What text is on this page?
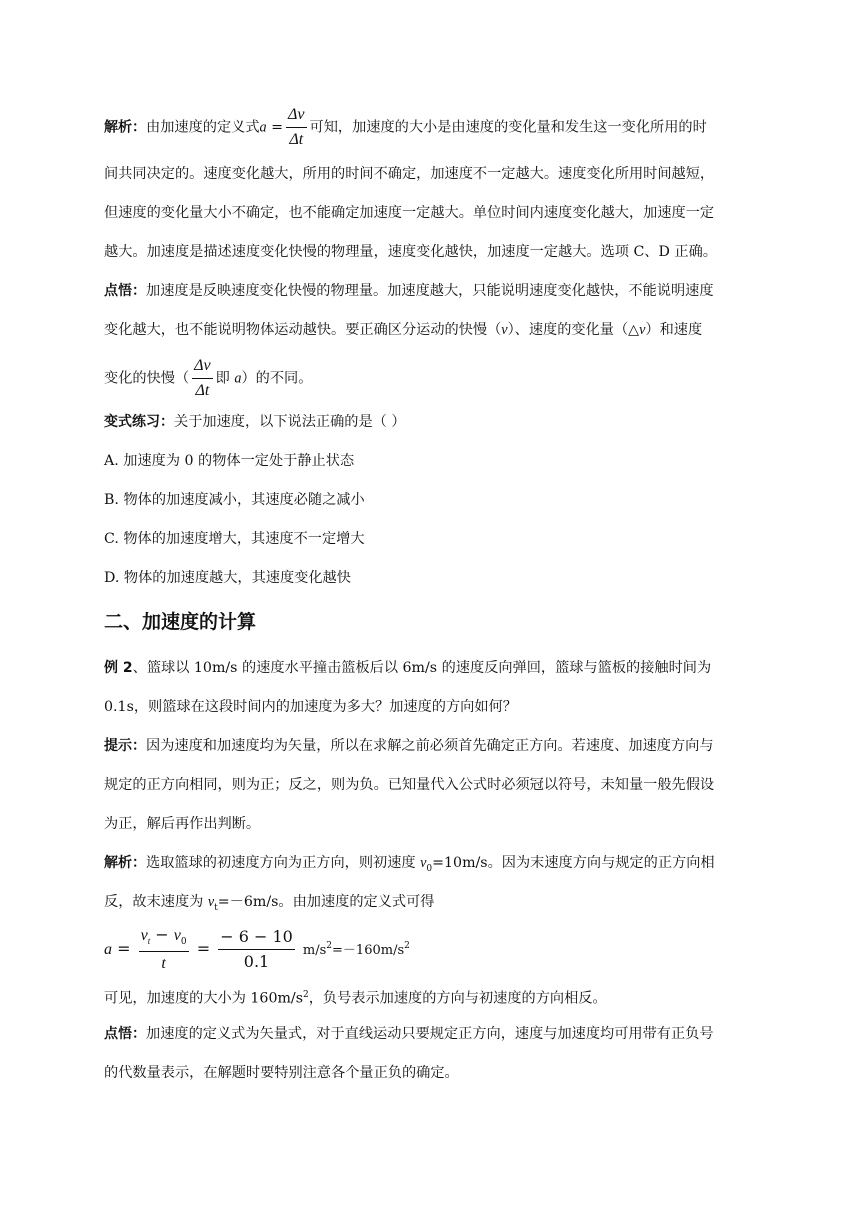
解析：由加速度的定义式$a = \frac{\Delta v}{\Delta t}$ 可知，加速度的大小是由速度的变化量和发生这一变化所用的时

间共同决定的。速度变化越大，所用的时间不确定，加速度不一定越大。速度变化所用时间越短，

但速度的变化量大小不确定，也不能确定加速度一定越大。单位时间内速度变化越大，加速度一定

越大。加速度是描述速度变化快慢的物理量，速度变化越快，加速度一定越大。选项 C、D 正确。

点悟：加速度是反映速度变化快慢的物理量。加速度越大，只能说明速度变化越快，不能说明速度

变化越大，也不能说明物体运动越快。要正确区分运动的快慢（v）、速度的变化量（△v）和速度

变化的快慢（ $\frac{\Delta v}{\Delta t}$ 即 a）的不同。

变式练习：关于加速度，以下说法正确的是（ ）

A. 加速度为 0 的物体一定处于静止状态

B. 物体的加速度减小，其速度必随之减小

C. 物体的加速度增大，其速度不一定增大

D. 物体的加速度越大，其速度变化越快

二、加速度的计算

例 2、篮球以 10m/s 的速度水平撞击篮板后以 6m/s 的速度反向弹回，篮球与篮板的接触时间为

0.1s，则篮球在这段时间内的加速度为多大？加速度的方向如何？

提示：因为速度和加速度均为矢量，所以在求解之前必须首先确定正方向。若速度、加速度方向与

规定的正方向相同，则为正；反之，则为负。已知量代入公式时必须冠以符号，未知量一般先假设

为正，解后再作出判断。

解析：选取篮球的初速度方向为正方向，则初速度 $v_0=10m/s$。因为末速度方向与规定的正方向相

反，故末速度为 $v_t=-6m/s$。由加速度的定义式可得

$a = \frac{v_t - v_0}{t} = \frac{- 6 - 10}{0.1} m/s^2=-160m/s^2$

可见，加速度的大小为 $160m/s^2$，负号表示加速度的方向与初速度的方向相反。

点悟：加速度的定义式为矢量式，对于直线运动只要规定正方向，速度与加速度均可用带有正负号

的代数量表示，在解题时要特别注意各个量正负的确定。
